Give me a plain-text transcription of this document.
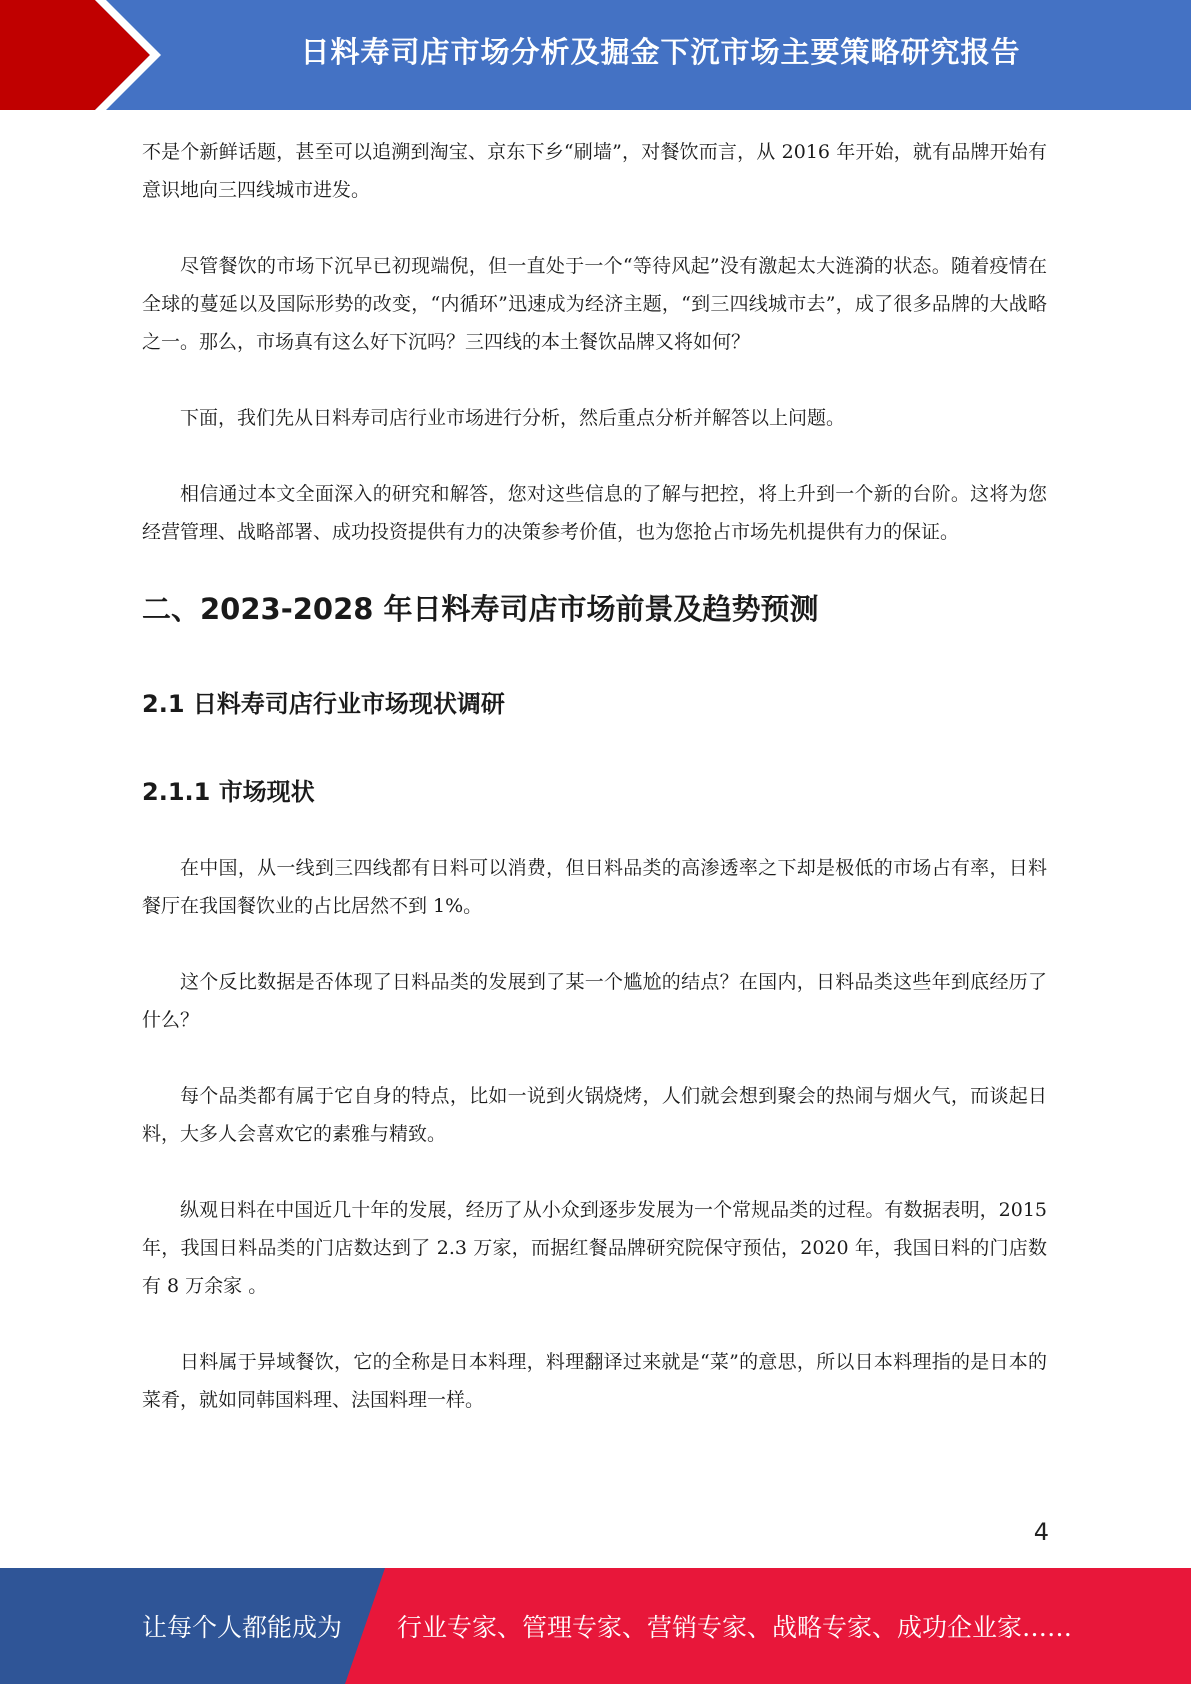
日料寿司店市场分析及掘金下沉市场主要策略研究报告

不是个新鲜话题，甚至可以追溯到淘宝、京东下乡“刷墙”，对餐饮而言，从 2016 年开始，就有品牌开始有意识地向三四线城市进发。

尽管餐饮的市场下沉早已初现端倪，但一直处于一个“等待风起”没有激起太大涟漪的状态。随着疫情在全球的蔓延以及国际形势的改变，“内循环”迅速成为经济主题，“到三四线城市去”，成了很多品牌的大战略之一。那么，市场真有这么好下沉吗？三四线的本土餐饮品牌又将如何？

下面，我们先从日料寿司店行业市场进行分析，然后重点分析并解答以上问题。

相信通过本文全面深入的研究和解答，您对这些信息的了解与把控，将上升到一个新的台阶。这将为您经营管理、战略部署、成功投资提供有力的决策参考价值，也为您抢占市场先机提供有力的保证。

二、2023-2028 年日料寿司店市场前景及趋势预测
2.1 日料寿司店行业市场现状调研
2.1.1 市场现状

在中国，从一线到三四线都有日料可以消费，但日料品类的高渗透率之下却是极低的市场占有率，日料餐厅在我国餐饮业的占比居然不到 1%。

这个反比数据是否体现了日料品类的发展到了某一个尴尬的结点？在国内，日料品类这些年到底经历了什么？

每个品类都有属于它自身的特点，比如一说到火锅烧烤，人们就会想到聚会的热闹与烟火气，而谈起日料，大多人会喜欢它的素雅与精致。

纵观日料在中国近几十年的发展，经历了从小众到逐步发展为一个常规品类的过程。有数据表明，2015 年，我国日料品类的门店数达到了 2.3 万家，而据红餐品牌研究院保守预估，2020 年，我国日料的门店数有 8 万余家 。

日料属于异域餐饮，它的全称是日本料理，料理翻译过来就是“菜”的意思，所以日本料理指的是日本的菜肴，就如同韩国料理、法国料理一样。

4
让每个人都能成为 行业专家、管理专家、营销专家、战略专家、成功企业家……
